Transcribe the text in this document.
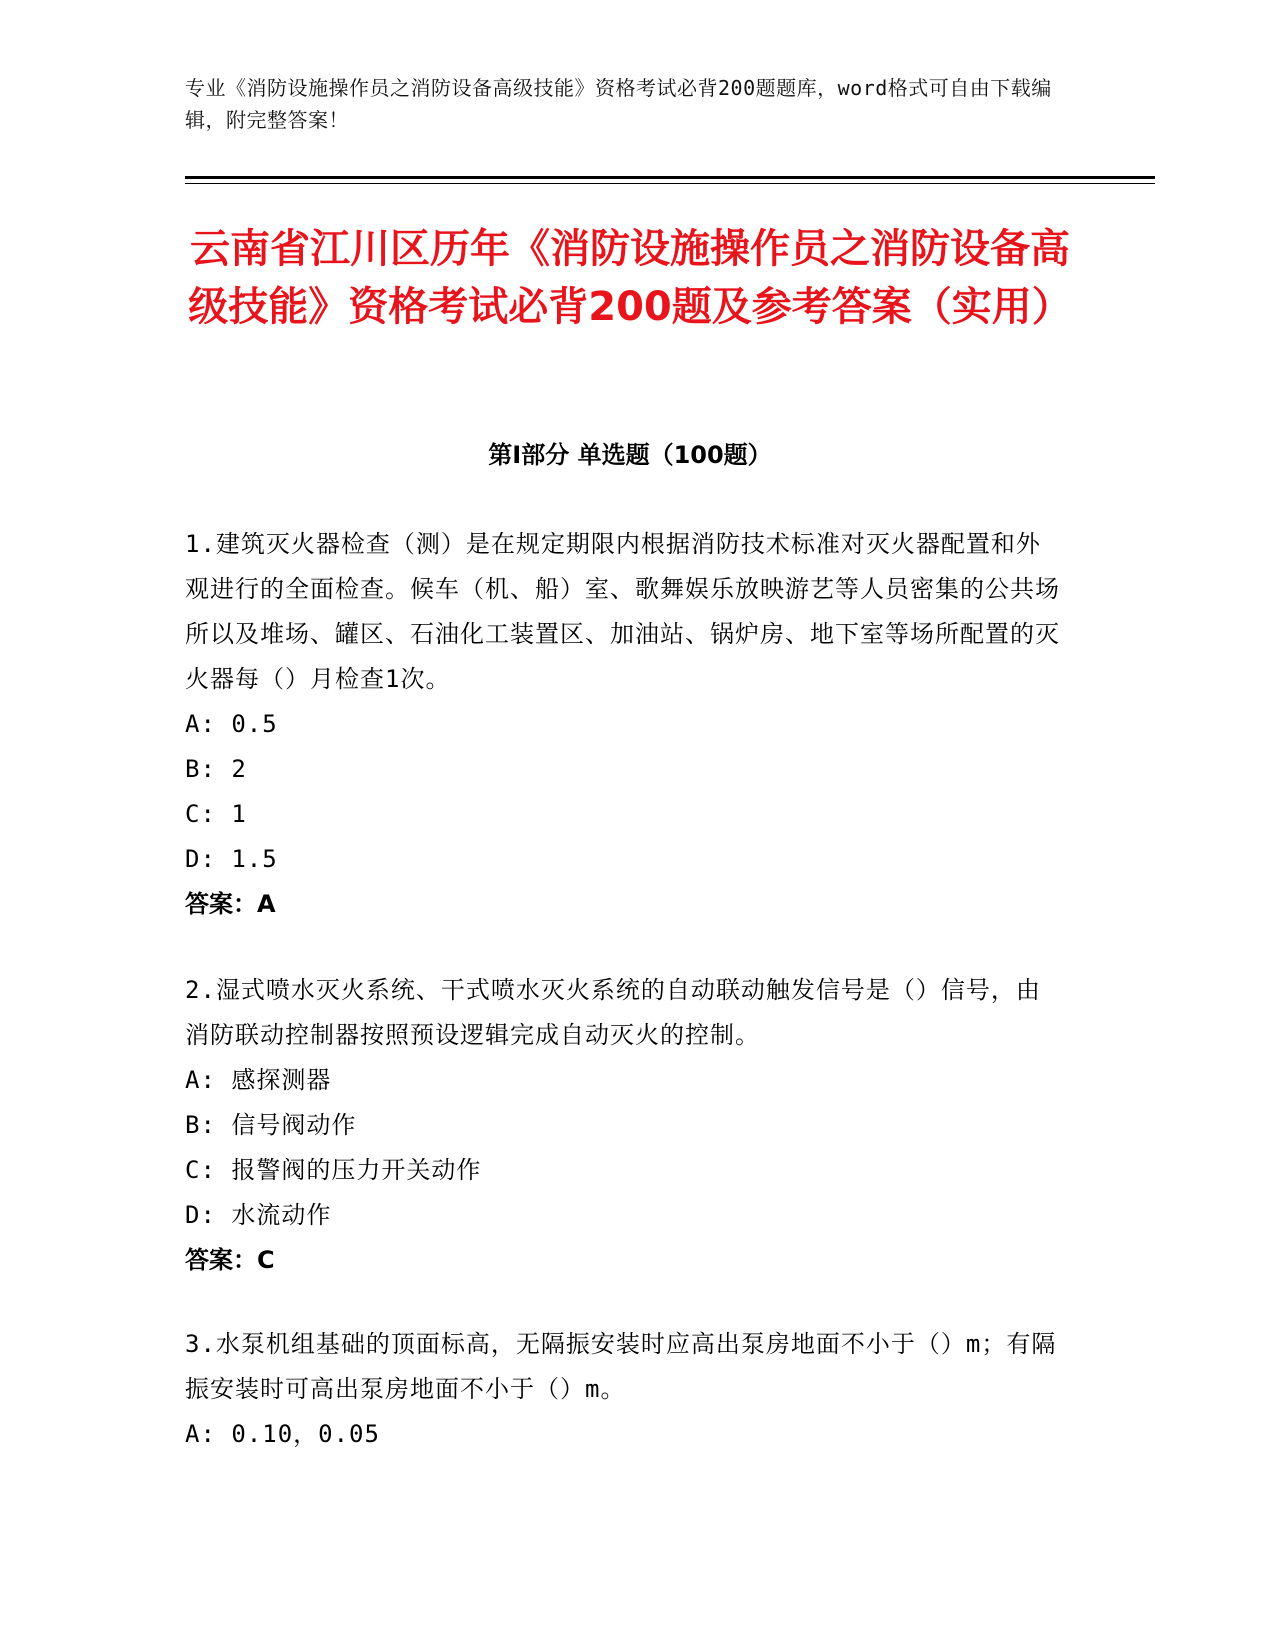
专业《消防设施操作员之消防设备高级技能》资格考试必背200题题库，word格式可自由下载编辑，附完整答案！
云南省江川区历年《消防设施操作员之消防设备高级技能》资格考试必背200题及参考答案（实用）
第I部分 单选题（100题）

1.建筑灭火器检查（测）是在规定期限内根据消防技术标准对灭火器配置和外观进行的全面检查。候车（机、船）室、歌舞娱乐放映游艺等人员密集的公共场所以及堆场、罐区、石油化工装置区、加油站、锅炉房、地下室等场所配置的灭火器每（）月检查1次。

A: 0.5

B: 2

C: 1

D: 1.5

答案：A

2.湿式喷水灭火系统、干式喷水灭火系统的自动联动触发信号是（）信号，由消防联动控制器按照预设逻辑完成自动灭火的控制。

A: 感探测器

B: 信号阀动作

C: 报警阀的压力开关动作

D: 水流动作

答案：C

3.水泵机组基础的顶面标高，无隔振安装时应高出泵房地面不小于（）m；有隔振安装时可高出泵房地面不小于（）m。

A: 0.10，0.05
